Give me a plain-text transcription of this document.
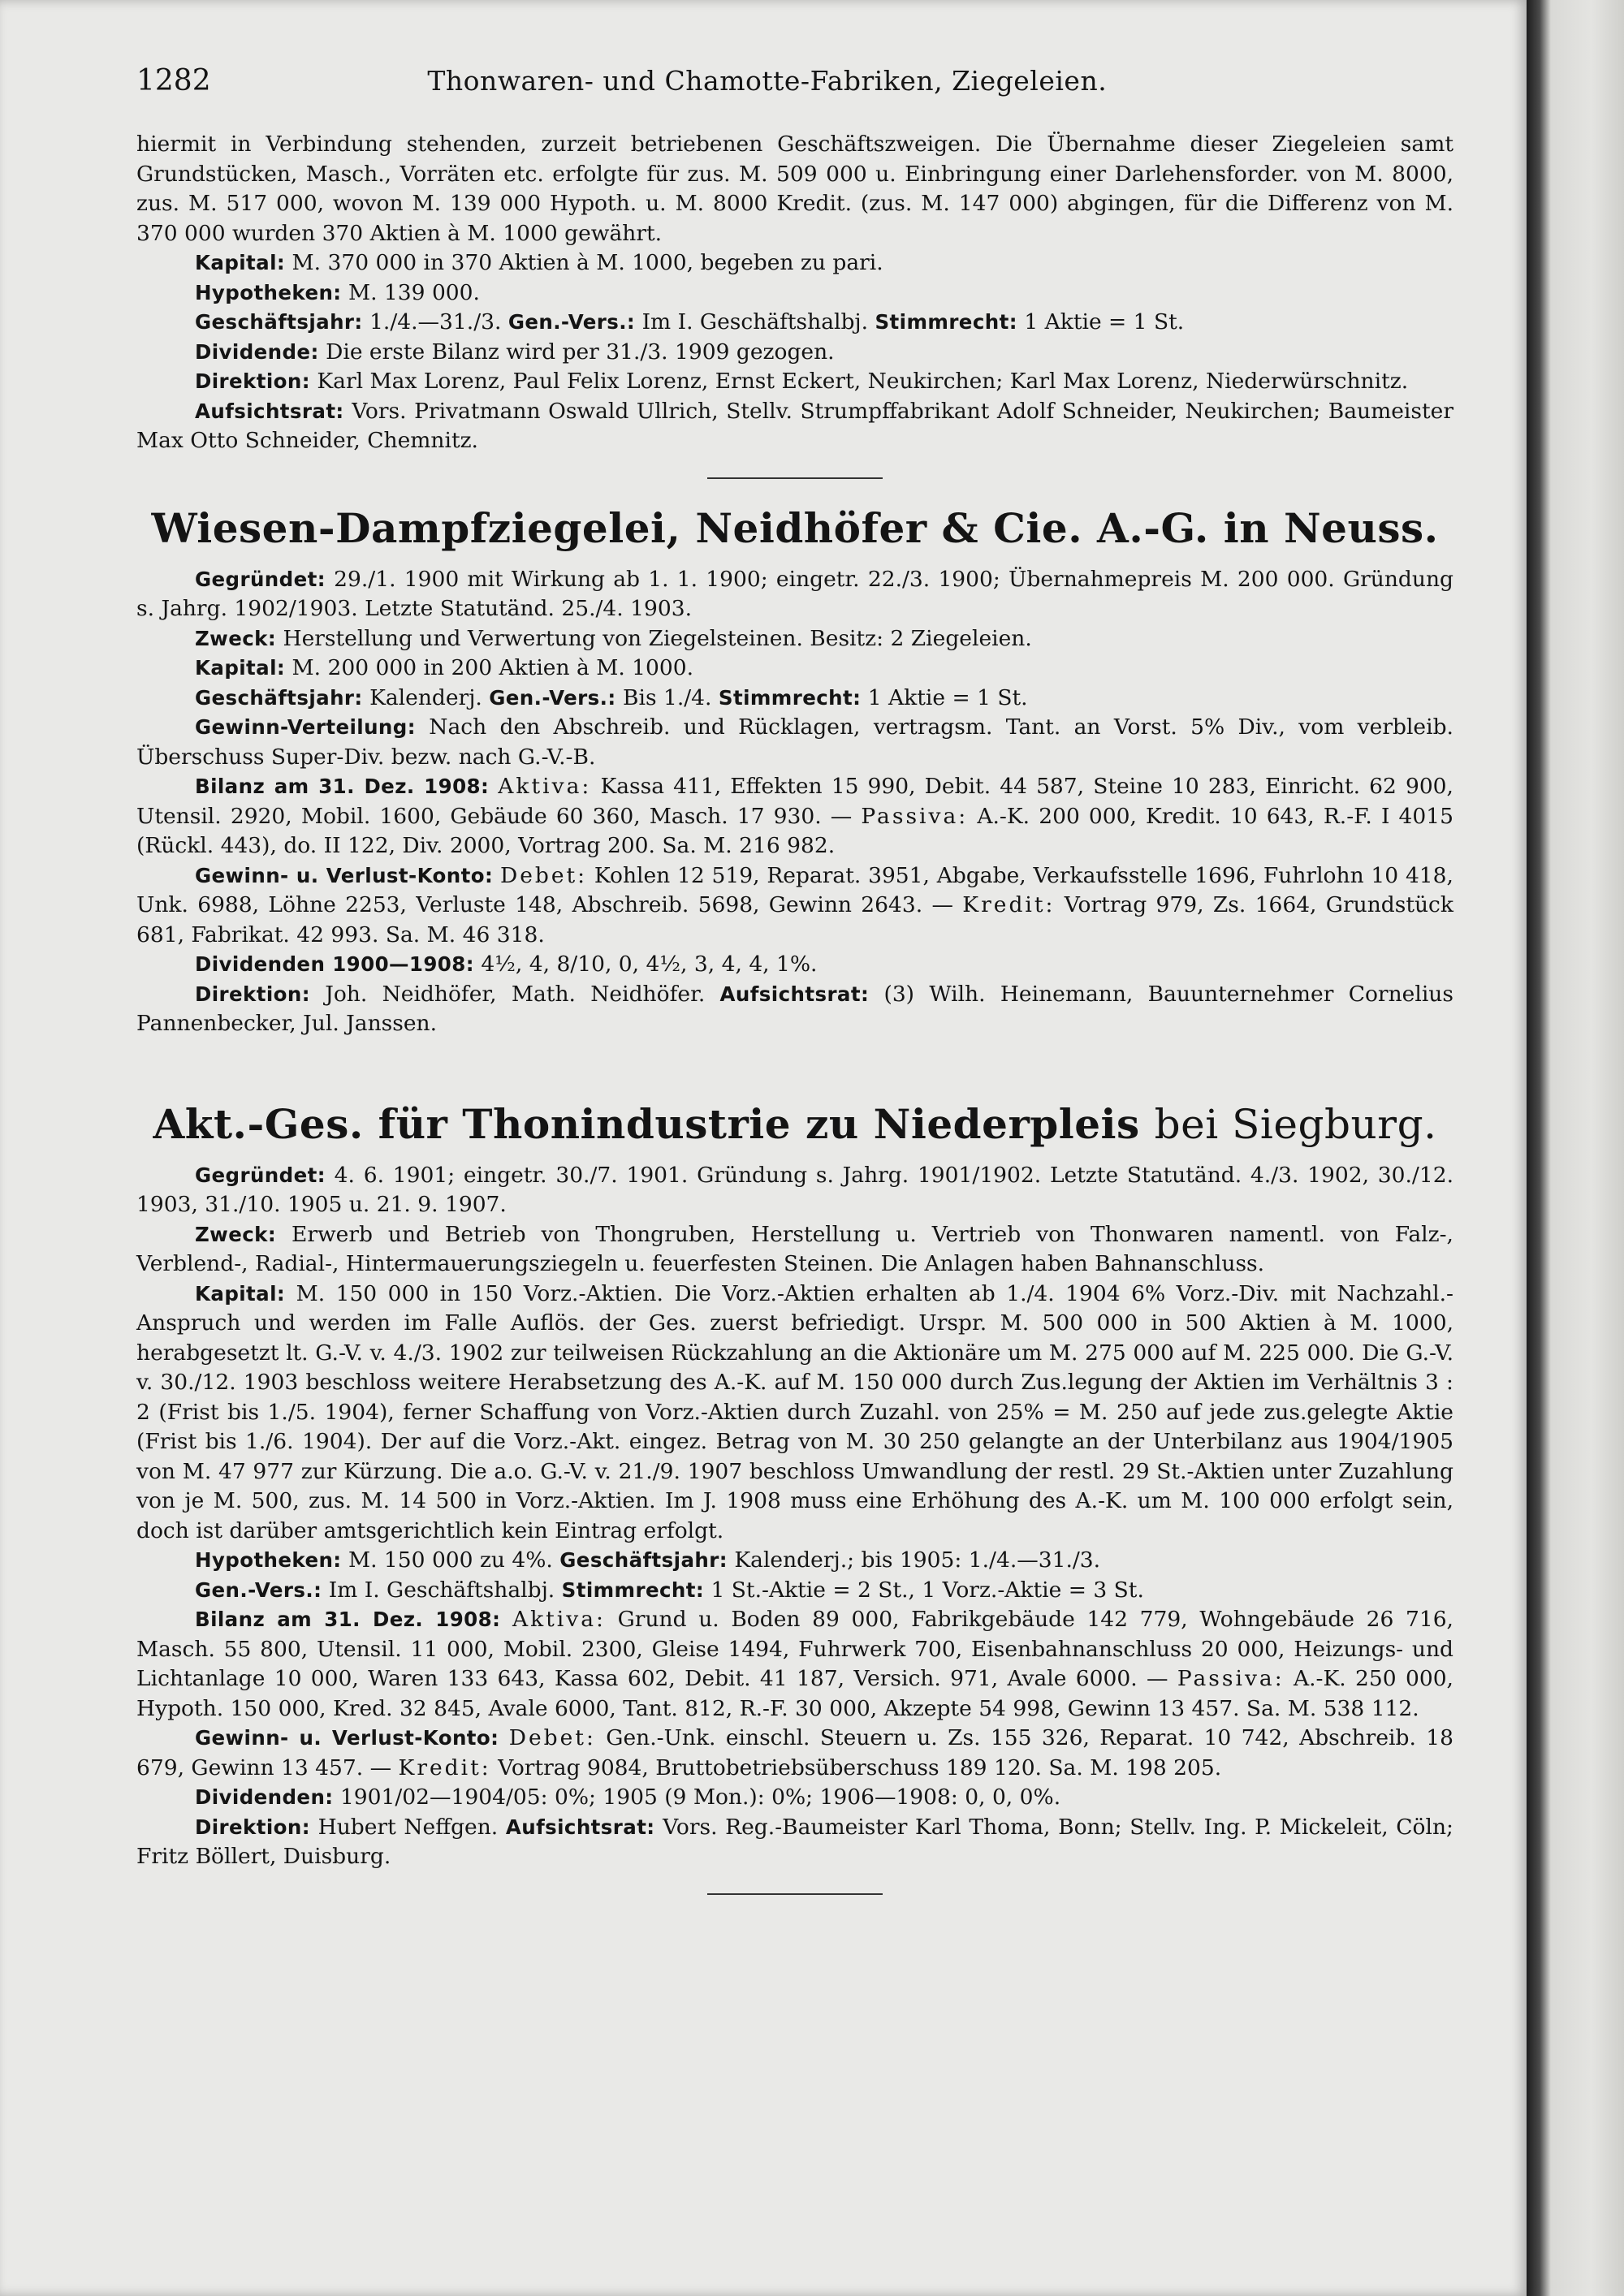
1282	Thonwaren- und Chamotte-Fabriken, Ziegeleien.

hiermit in Verbindung stehenden, zurzeit betriebenen Geschäftszweigen. Die Übernahme dieser Ziegeleien samt Grundstücken, Masch., Vorräten etc. erfolgte für zus. M. 509 000 u. Einbringung einer Darlehensforder. von M. 8000, zus. M. 517 000, wovon M. 139 000 Hypoth. u. M. 8000 Kredit. (zus. M. 147 000) abgingen, für die Differenz von M. 370 000 wurden 370 Aktien à M. 1000 gewährt.

Kapital: M. 370 000 in 370 Aktien à M. 1000, begeben zu pari.

Hypotheken: M. 139 000.

Geschäftsjahr: 1./4.—31./3. Gen.-Vers.: Im I. Geschäftshalbj. Stimmrecht: 1 Aktie = 1 St.

Dividende: Die erste Bilanz wird per 31./3. 1909 gezogen.

Direktion: Karl Max Lorenz, Paul Felix Lorenz, Ernst Eckert, Neukirchen; Karl Max Lorenz, Niederwürschnitz.

Aufsichtsrat: Vors. Privatmann Oswald Ullrich, Stellv. Strumpffabrikant Adolf Schneider, Neukirchen; Baumeister Max Otto Schneider, Chemnitz.

Wiesen-Dampfziegelei, Neidhöfer & Cie. A.-G. in Neuss.

Gegründet: 29./1. 1900 mit Wirkung ab 1. 1. 1900; eingetr. 22./3. 1900; Übernahmepreis M. 200 000. Gründung s. Jahrg. 1902/1903. Letzte Statutänd. 25./4. 1903.

Zweck: Herstellung und Verwertung von Ziegelsteinen. Besitz: 2 Ziegeleien.

Kapital: M. 200 000 in 200 Aktien à M. 1000.

Geschäftsjahr: Kalenderj. Gen.-Vers.: Bis 1./4. Stimmrecht: 1 Aktie = 1 St.

Gewinn-Verteilung: Nach den Abschreib. und Rücklagen, vertragsm. Tant. an Vorst. 5% Div., vom verbleib. Überschuss Super-Div. bezw. nach G.-V.-B.

Bilanz am 31. Dez. 1908: Aktiva: Kassa 411, Effekten 15 990, Debit. 44 587, Steine 10 283, Einricht. 62 900, Utensil. 2920, Mobil. 1600, Gebäude 60 360, Masch. 17 930. — Passiva: A.-K. 200 000, Kredit. 10 643, R.-F. I 4015 (Rückl. 443), do. II 122, Div. 2000, Vortrag 200. Sa. M. 216 982.

Gewinn- u. Verlust-Konto: Debet: Kohlen 12 519, Reparat. 3951, Abgabe, Verkaufsstelle 1696, Fuhrlohn 10 418, Unk. 6988, Löhne 2253, Verluste 148, Abschreib. 5698, Gewinn 2643. — Kredit: Vortrag 979, Zs. 1664, Grundstück 681, Fabrikat. 42 993. Sa. M. 46 318.

Dividenden 1900—1908: 4½, 4, 8/10, 0, 4½, 3, 4, 4, 1%.

Direktion: Joh. Neidhöfer, Math. Neidhöfer. Aufsichtsrat: (3) Wilh. Heinemann, Bauunternehmer Cornelius Pannenbecker, Jul. Janssen.

Akt.-Ges. für Thonindustrie zu Niederpleis bei Siegburg.

Gegründet: 4. 6. 1901; eingetr. 30./7. 1901. Gründung s. Jahrg. 1901/1902. Letzte Statutänd. 4./3. 1902, 30./12. 1903, 31./10. 1905 u. 21. 9. 1907.

Zweck: Erwerb und Betrieb von Thongruben, Herstellung u. Vertrieb von Thonwaren namentl. von Falz-, Verblend-, Radial-, Hintermauerungsziegeln u. feuerfesten Steinen. Die Anlagen haben Bahnanschluss.

Kapital: M. 150 000 in 150 Vorz.-Aktien. Die Vorz.-Aktien erhalten ab 1./4. 1904 6% Vorz.-Div. mit Nachzahl.-Anspruch und werden im Falle Auflös. der Ges. zuerst befriedigt. Urspr. M. 500 000 in 500 Aktien à M. 1000, herabgesetzt lt. G.-V. v. 4./3. 1902 zur teilweisen Rückzahlung an die Aktionäre um M. 275 000 auf M. 225 000. Die G.-V. v. 30./12. 1903 beschloss weitere Herabsetzung des A.-K. auf M. 150 000 durch Zus.legung der Aktien im Verhältnis 3 : 2 (Frist bis 1./5. 1904), ferner Schaffung von Vorz.-Aktien durch Zuzahl. von 25% = M. 250 auf jede zus.gelegte Aktie (Frist bis 1./6. 1904). Der auf die Vorz.-Akt. eingez. Betrag von M. 30 250 gelangte an der Unterbilanz aus 1904/1905 von M. 47 977 zur Kürzung. Die a.o. G.-V. v. 21./9. 1907 beschloss Umwandlung der restl. 29 St.-Aktien unter Zuzahlung von je M. 500, zus. M. 14 500 in Vorz.-Aktien. Im J. 1908 muss eine Erhöhung des A.-K. um M. 100 000 erfolgt sein, doch ist darüber amtsgerichtlich kein Eintrag erfolgt.

Hypotheken: M. 150 000 zu 4%. Geschäftsjahr: Kalenderj.; bis 1905: 1./4.—31./3.

Gen.-Vers.: Im I. Geschäftshalbj. Stimmrecht: 1 St.-Aktie = 2 St., 1 Vorz.-Aktie = 3 St.

Bilanz am 31. Dez. 1908: Aktiva: Grund u. Boden 89 000, Fabrikgebäude 142 779, Wohngebäude 26 716, Masch. 55 800, Utensil. 11 000, Mobil. 2300, Gleise 1494, Fuhrwerk 700, Eisenbahnanschluss 20 000, Heizungs- und Lichtanlage 10 000, Waren 133 643, Kassa 602, Debit. 41 187, Versich. 971, Avale 6000. — Passiva: A.-K. 250 000, Hypoth. 150 000, Kred. 32 845, Avale 6000, Tant. 812, R.-F. 30 000, Akzepte 54 998, Gewinn 13 457. Sa. M. 538 112.

Gewinn- u. Verlust-Konto: Debet: Gen.-Unk. einschl. Steuern u. Zs. 155 326, Reparat. 10 742, Abschreib. 18 679, Gewinn 13 457. — Kredit: Vortrag 9084, Bruttobetriebsüberschuss 189 120. Sa. M. 198 205.

Dividenden: 1901/02—1904/05: 0%; 1905 (9 Mon.): 0%; 1906—1908: 0, 0, 0%.

Direktion: Hubert Neffgen. Aufsichtsrat: Vors. Reg.-Baumeister Karl Thoma, Bonn; Stellv. Ing. P. Mickeleit, Cöln; Fritz Böllert, Duisburg.
